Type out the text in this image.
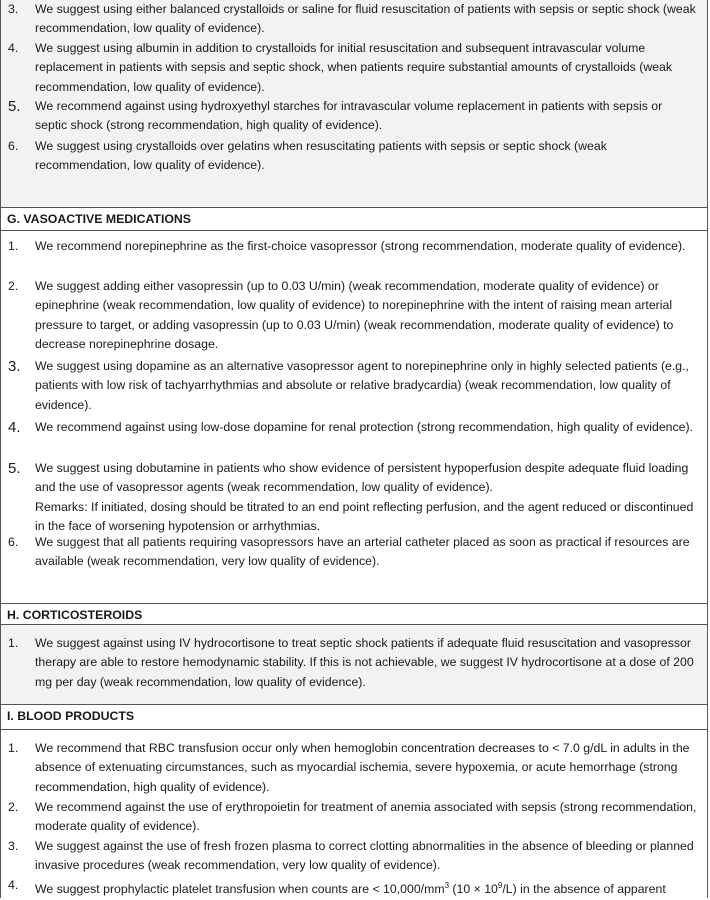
3. We suggest using either balanced crystalloids or saline for fluid resuscitation of patients with sepsis or septic shock (weak recommendation, low quality of evidence).
4. We suggest using albumin in addition to crystalloids for initial resuscitation and subsequent intravascular volume replacement in patients with sepsis and septic shock, when patients require substantial amounts of crystalloids (weak recommendation, low quality of evidence).
5. We recommend against using hydroxyethyl starches for intravascular volume replacement in patients with sepsis or septic shock (strong recommendation, high quality of evidence).
6. We suggest using crystalloids over gelatins when resuscitating patients with sepsis or septic shock (weak recommendation, low quality of evidence).
G. VASOACTIVE MEDICATIONS
1. We recommend norepinephrine as the first-choice vasopressor (strong recommendation, moderate quality of evidence).
2. We suggest adding either vasopressin (up to 0.03 U/min) (weak recommendation, moderate quality of evidence) or epinephrine (weak recommendation, low quality of evidence) to norepinephrine with the intent of raising mean arterial pressure to target, or adding vasopressin (up to 0.03 U/min) (weak recommendation, moderate quality of evidence) to decrease norepinephrine dosage.
3. We suggest using dopamine as an alternative vasopressor agent to norepinephrine only in highly selected patients (e.g., patients with low risk of tachyarrhythmias and absolute or relative bradycardia) (weak recommendation, low quality of evidence).
4. We recommend against using low-dose dopamine for renal protection (strong recommendation, high quality of evidence).
5. We suggest using dobutamine in patients who show evidence of persistent hypoperfusion despite adequate fluid loading and the use of vasopressor agents (weak recommendation, low quality of evidence).
Remarks: If initiated, dosing should be titrated to an end point reflecting perfusion, and the agent reduced or discontinued in the face of worsening hypotension or arrhythmias.
6. We suggest that all patients requiring vasopressors have an arterial catheter placed as soon as practical if resources are available (weak recommendation, very low quality of evidence).
H. CORTICOSTEROIDS
1. We suggest against using IV hydrocortisone to treat septic shock patients if adequate fluid resuscitation and vasopressor therapy are able to restore hemodynamic stability. If this is not achievable, we suggest IV hydrocortisone at a dose of 200 mg per day (weak recommendation, low quality of evidence).
I. BLOOD PRODUCTS
1. We recommend that RBC transfusion occur only when hemoglobin concentration decreases to < 7.0 g/dL in adults in the absence of extenuating circumstances, such as myocardial ischemia, severe hypoxemia, or acute hemorrhage (strong recommendation, high quality of evidence).
2. We recommend against the use of erythropoietin for treatment of anemia associated with sepsis (strong recommendation, moderate quality of evidence).
3. We suggest against the use of fresh frozen plasma to correct clotting abnormalities in the absence of bleeding or planned invasive procedures (weak recommendation, very low quality of evidence).
4. We suggest prophylactic platelet transfusion when counts are < $10,000/mm^3$ $(10 \times 10^9/L)$ in the absence of apparent
